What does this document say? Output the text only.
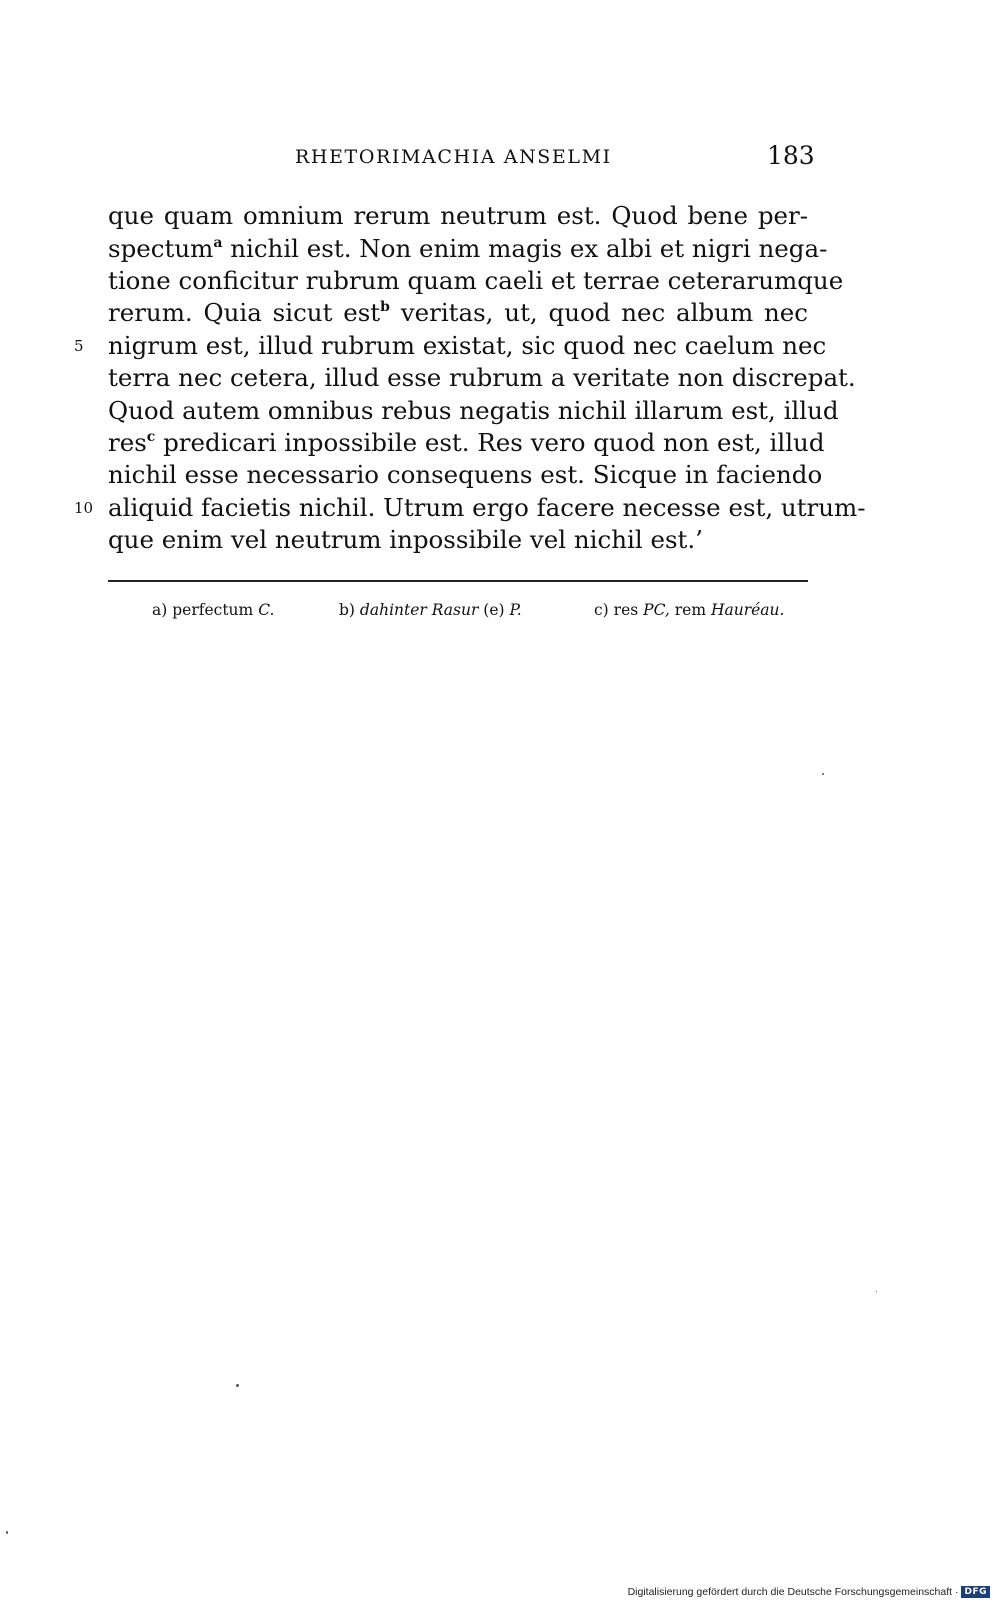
RHETORIMACHIA ANSELMI	183
que quam omnium rerum neutrum est. Quod bene per-
spectum$^a$ nichil est. Non enim magis ex albi et nigri nega-
tione conficitur rubrum quam caeli et terrae ceterarumque
rerum. Quia sicut est$^b$ veritas, ut, quod nec album nec
5 nigrum est, illud rubrum existat, sic quod nec caelum nec
terra nec cetera, illud esse rubrum a veritate non discrepat.
Quod autem omnibus rebus negatis nichil illarum est, illud
res$^c$ predicari inpossibile est. Res vero quod non est, illud
nichil esse necessario consequens est. Sicque in faciendo
10 aliquid facietis nichil. Utrum ergo facere necesse est, utrum-
que enim vel neutrum inpossibile vel nichil est.’
a) perfectum C.	b) dahinter Rasur (e) P.	c) res PC, rem Hauréau.
Digitalisierung gefördert durch die Deutsche Forschungsgemeinschaft · DFG
